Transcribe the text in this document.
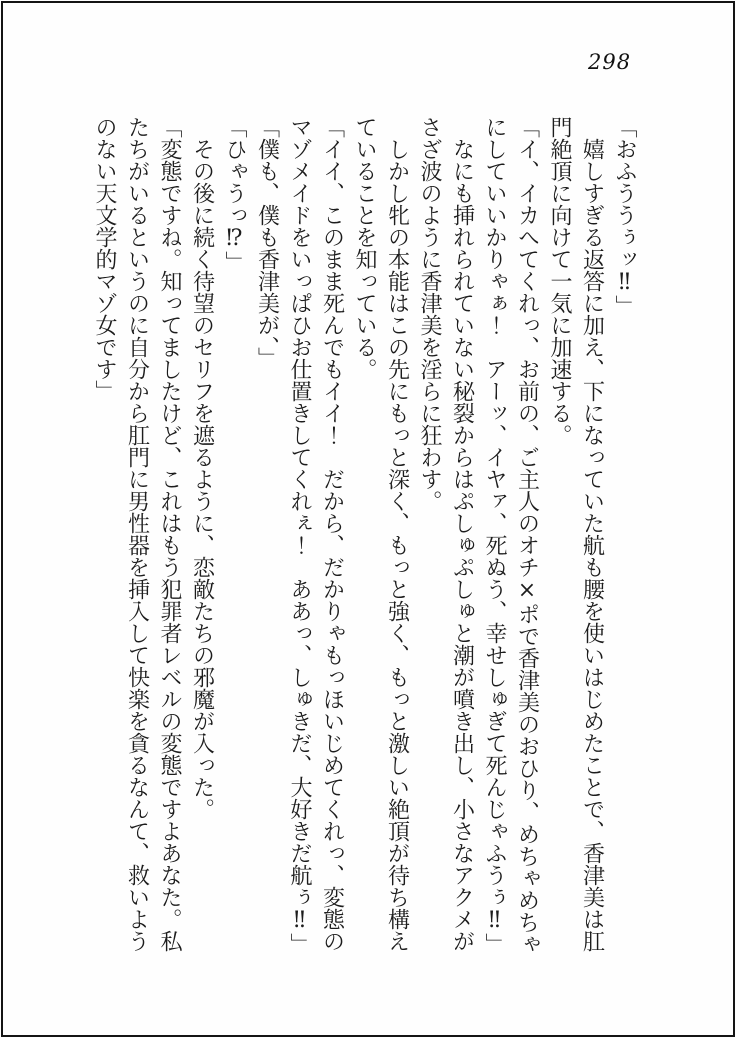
298

「おふううぅッ‼」

　嬉しすぎる返答に加え、下になっていた航も腰を使いはじめたことで、香津美は肛門絶頂に向けて一気に加速する。

「イ、イカへてくれっ、お前の、ご主人のオチ×ポで香津美のおひり、めちゃめちゃにしていいかりゃぁ！　アーッ、イヤァ、死ぬう、幸せしゅぎて死んじゃふうぅ‼」

　なにも挿れられていない秘裂からはぷしゅぷしゅと潮が噴き出し、小さなアクメがさざ波のように香津美を淫らに狂わす。

　しかし牝の本能はこの先にもっと深く、もっと強く、もっと激しい絶頂が待ち構えていることを知っている。

「イイ、このまま死んでもイイ！　だから、だかりゃもっほいじめてくれっ、変態のマゾメイドをいっぱひお仕置きしてくれぇ！　ああっ、しゅきだ、大好きだ航ぅ‼」

「僕も、僕も香津美が、」

「ひゃうっ⁉」

　その後に続く待望のセリフを遮るように、恋敵たちの邪魔が入った。

「変態ですね。知ってましたけど、これはもう犯罪者レベルの変態ですよあなた。私たちがいるというのに自分から肛門に男性器を挿入して快楽を貪るなんて、救いようのない天文学的マゾ女です」
